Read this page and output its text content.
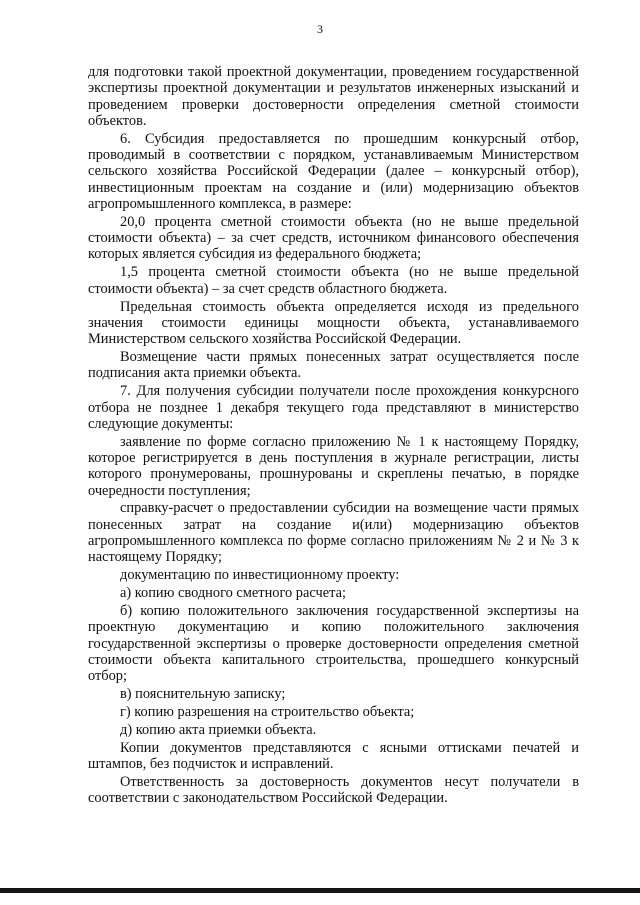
3

для подготовки такой проектной документации, проведением государственной экспертизы проектной документации и результатов инженерных изысканий и проведением проверки достоверности определения сметной стоимости объектов.

6. Субсидия предоставляется по прошедшим конкурсный отбор, проводимый в соответствии с порядком, устанавливаемым Министерством сельского хозяйства Российской Федерации (далее – конкурсный отбор), инвестиционным проектам на создание и (или) модернизацию объектов агропромышленного комплекса, в размере:

20,0 процента сметной стоимости объекта (но не выше предельной стоимости объекта) – за счет средств, источником финансового обеспечения которых является субсидия из федерального бюджета;

1,5 процента сметной стоимости объекта (но не выше предельной стоимости объекта) – за счет средств областного бюджета.

Предельная стоимость объекта определяется исходя из предельного значения стоимости единицы мощности объекта, устанавливаемого Министерством сельского хозяйства Российской Федерации.

Возмещение части прямых понесенных затрат осуществляется после подписания акта приемки объекта.

7. Для получения субсидии получатели после прохождения конкурсного отбора не позднее 1 декабря текущего года представляют в министерство следующие документы:

заявление по форме согласно приложению № 1 к настоящему Порядку, которое регистрируется в день поступления в журнале регистрации, листы которого пронумерованы, прошнурованы и скреплены печатью, в порядке очередности поступления;

справку-расчет о предоставлении субсидии на возмещение части прямых понесенных затрат на создание и(или) модернизацию объектов агропромышленного комплекса по форме согласно приложениям № 2 и № 3 к настоящему Порядку;

документацию по инвестиционному проекту:

а) копию сводного сметного расчета;

б) копию положительного заключения государственной экспертизы на проектную документацию и копию положительного заключения государственной экспертизы о проверке достоверности определения сметной стоимости объекта капитального строительства, прошедшего конкурсный отбор;

в) пояснительную записку;

г) копию разрешения на строительство объекта;

д) копию акта приемки объекта.

Копии документов представляются с ясными оттисками печатей и штампов, без подчисток и исправлений.

Ответственность за достоверность документов несут получатели в соответствии с законодательством Российской Федерации.
